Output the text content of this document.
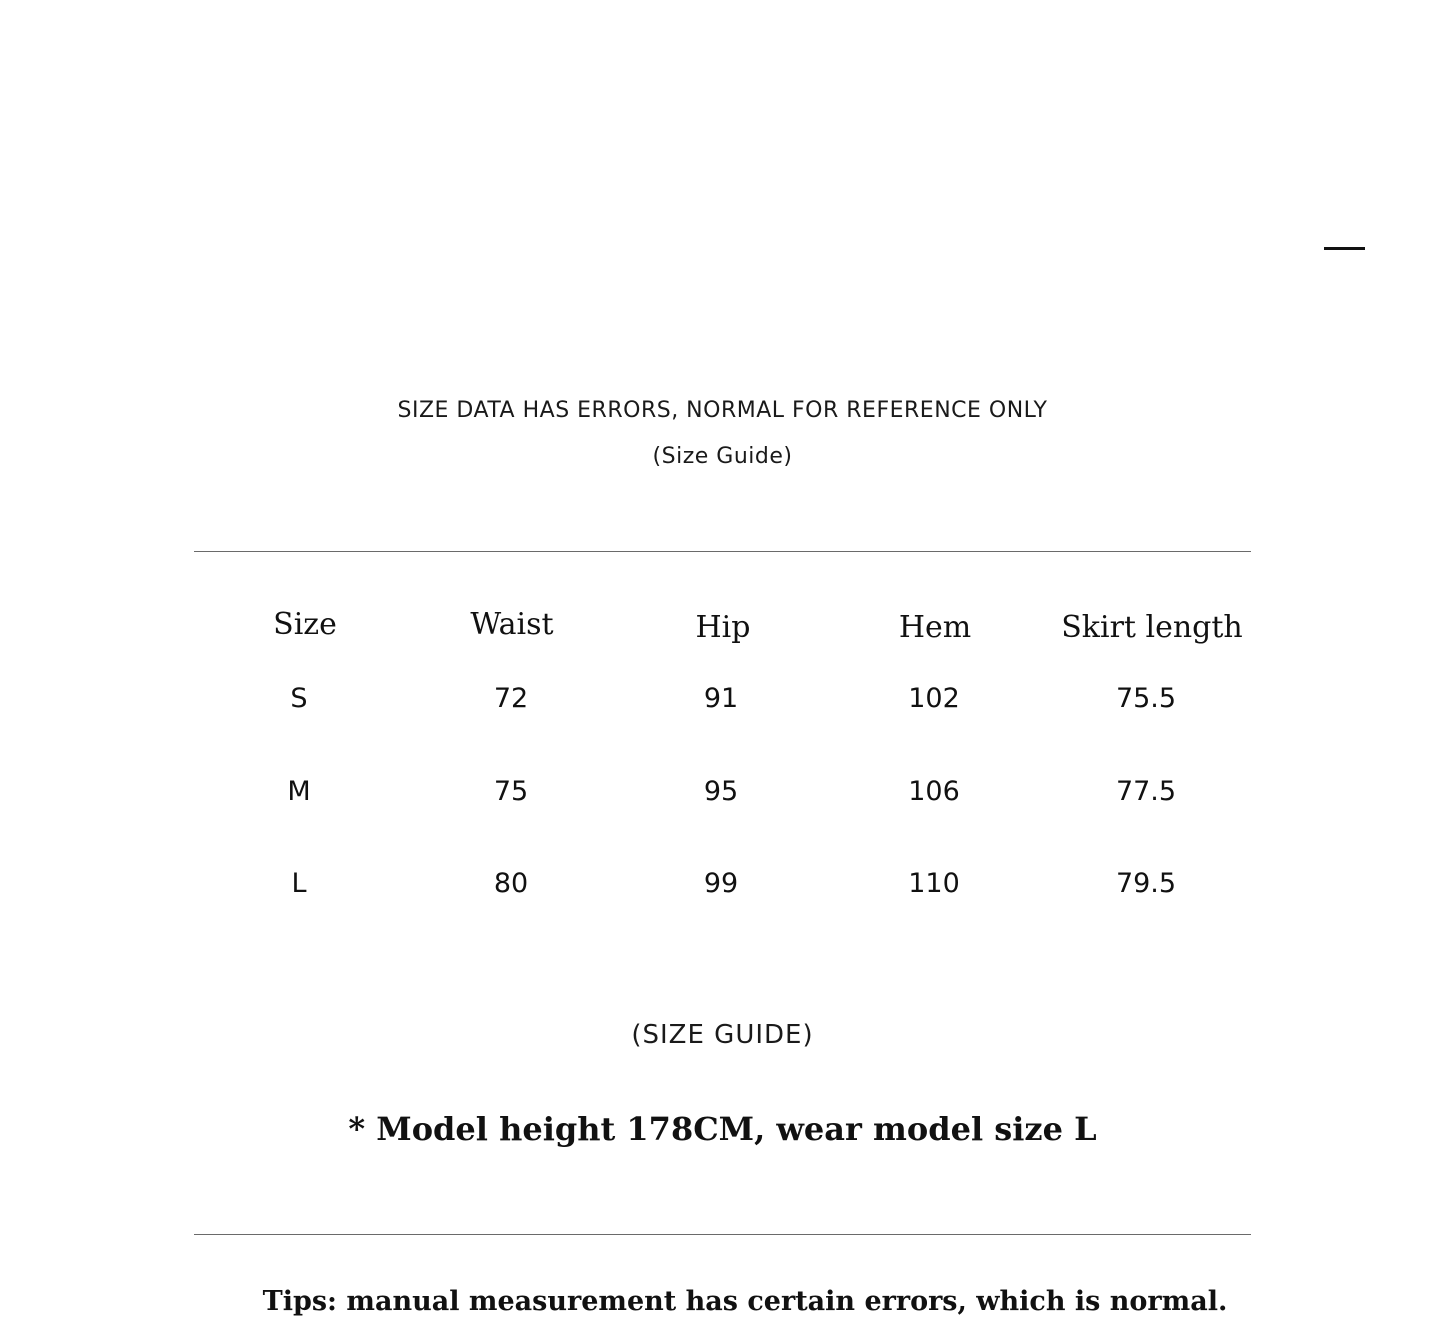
SIZE DATA HAS ERRORS, NORMAL FOR REFERENCE ONLY
(Size Guide)
Size	Waist	Hip	Hem	Skirt length
S	72	91	102	75.5
M	75	95	106	77.5
L	80	99	110	79.5
(SIZE GUIDE)
* Model height 178CM, wear model size L
Tips: manual measurement has certain errors, which is normal.
